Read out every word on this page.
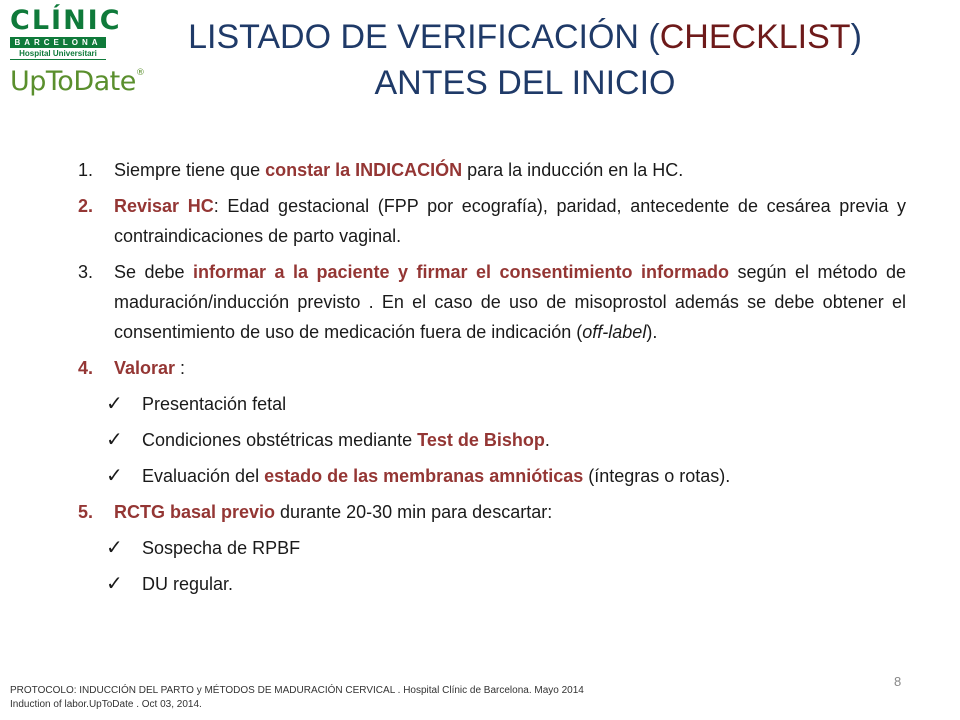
CLÍNIC
BARCELONA
Hospital Universitari
UpToDate®
LISTADO DE VERIFICACIÓN (CHECKLIST)
ANTES DEL INICIO
1.	Siempre tiene que constar la INDICACIÓN para la inducción en la HC.
2.	Revisar HC: Edad gestacional (FPP por ecografía), paridad, antecedente de cesárea previa y contraindicaciones de parto vaginal.
3.	Se debe informar a la paciente y firmar el consentimiento informado según el método de maduración/inducción previsto . En el caso de uso de misoprostol además se debe obtener el consentimiento de uso de medicación fuera de indicación (off-label).
4.	Valorar :
✓	Presentación fetal
✓	Condiciones obstétricas mediante Test de Bishop.
✓	Evaluación del estado de las membranas amnióticas (íntegras o rotas).
5.	RCTG basal previo durante 20-30 min para descartar:
✓	Sospecha de RPBF
✓	DU regular.
PROTOCOLO: INDUCCIÓN DEL PARTO y MÉTODOS DE MADURACIÓN CERVICAL . Hospital Clínic de Barcelona. Mayo 2014
Induction of labor.UpToDate . Oct 03, 2014.
8
